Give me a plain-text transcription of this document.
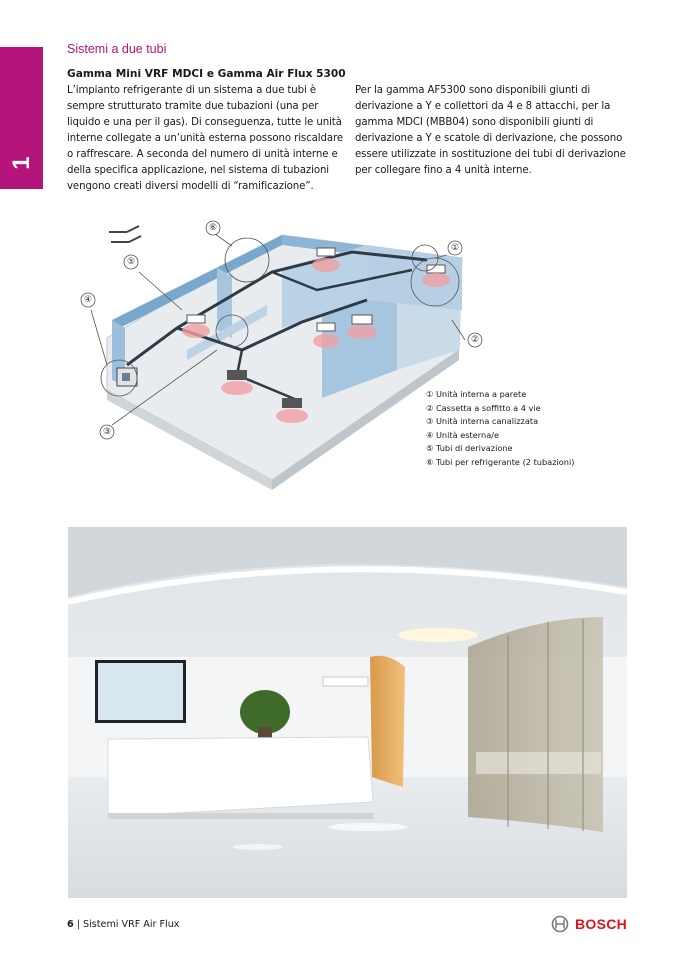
1
Sistemi a due tubi
Gamma Mini VRF MDCI e Gamma Air Flux 5300
L’impianto refrigerante di un sistema a due tubi è sempre strutturato tramite due tubazioni (una per liquido e una per il gas). Di conseguenza, tutte le unità interne collegate a un’unità esterna possono riscaldare o raffrescare. A seconda del numero di unità interne e della specifica applicazione, nel sistema di tubazioni vengono creati diversi modelli di “ramificazione”.
Per la gamma AF5300 sono disponibili giunti di derivazione a Y e collettori da 4 e 8 attacchi, per la gamma MDCI (MBB04) sono disponibili giunti di derivazione a Y e scatole di derivazione, che possono essere utilizzate in sostituzione dei tubi di derivazione per collegare fino a 4 unità interne.
①
②
③
④
⑤
⑥
① Unità interna a parete
② Cassetta a soffitto a 4 vie
③ Unità interna canalizzata
④ Unità esterna/e
⑤ Tubi di derivazione
⑥ Tubi per refrigerante (2 tubazioni)
6 | Sistemi VRF Air Flux	BOSCH
